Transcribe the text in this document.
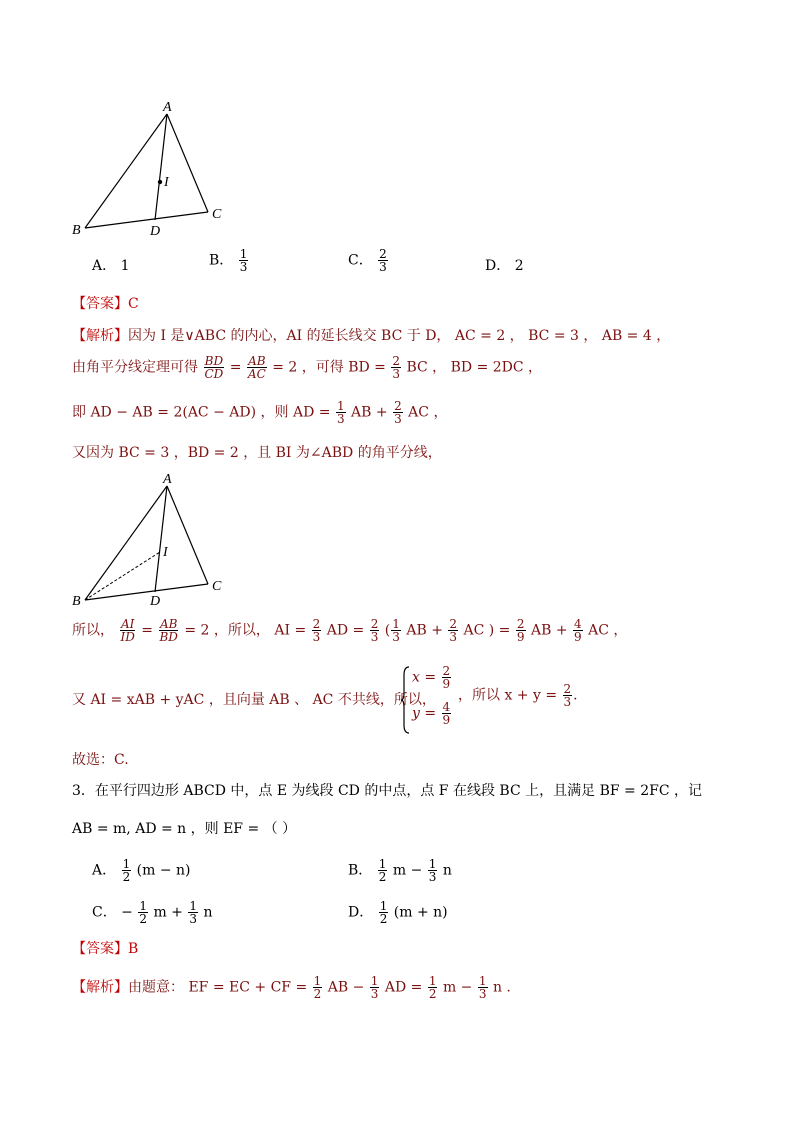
A
B
C
D
I
A． 1	B． $\frac{1}{3}$	C． $\frac{2}{3}$	D． 2
【答案】C
【解析】因为 I 是∨ABC 的内心，AI 的延长线交 BC 于 D， AC = 2 ， BC = 3 ， AB = 4 ，
由角平分线定理可得 $\frac{BD}{CD} = \frac{AB}{AC} = 2$ ，可得 BD = $\frac{2}{3}$ BC ， BD = 2DC ，
即 AD − AB = 2(AC − AD) ，则 AD = $\frac{1}{3}$ AB + $\frac{2}{3}$ AC ，
又因为 BC = 3 ，BD = 2 ，且 BI 为∠ABD 的角平分线，
A
B
C
D
I
所以， $\frac{AI}{ID} = \frac{AB}{BD} = 2$ ，所以， AI = $\frac{2}{3}$ AD = $\frac{2}{3}$ ( $\frac{1}{3}$ AB + $\frac{2}{3}$ AC ) = $\frac{2}{9}$ AB + $\frac{4}{9}$ AC ，
又 AI = xAB + yAC ，且向量 AB 、 AC 不共线，所以，
$x = \frac{2}{9}$
$y = \frac{4}{9}$
，所以 $x + y = \frac{2}{3}$ .
故选：C.
3．在平行四边形 ABCD 中，点 E 为线段 CD 的中点，点 F 在线段 BC 上，且满足 BF = 2FC ，记
AB = m, AD = n ，则 EF = （ ）
A． $\frac{1}{2} (m - n)$	B． $\frac{1}{2}$ $m - \frac{1}{3}$ n
C． − $\frac{1}{2}$ $m + \frac{1}{3}$ n	D． $\frac{1}{2} (m + n)$
【答案】B
【解析】由题意： EF = EC + CF = $\frac{1}{2}$ AB − $\frac{1}{3}$ AD = $\frac{1}{2}$ $m - \frac{1}{3}$ n .
